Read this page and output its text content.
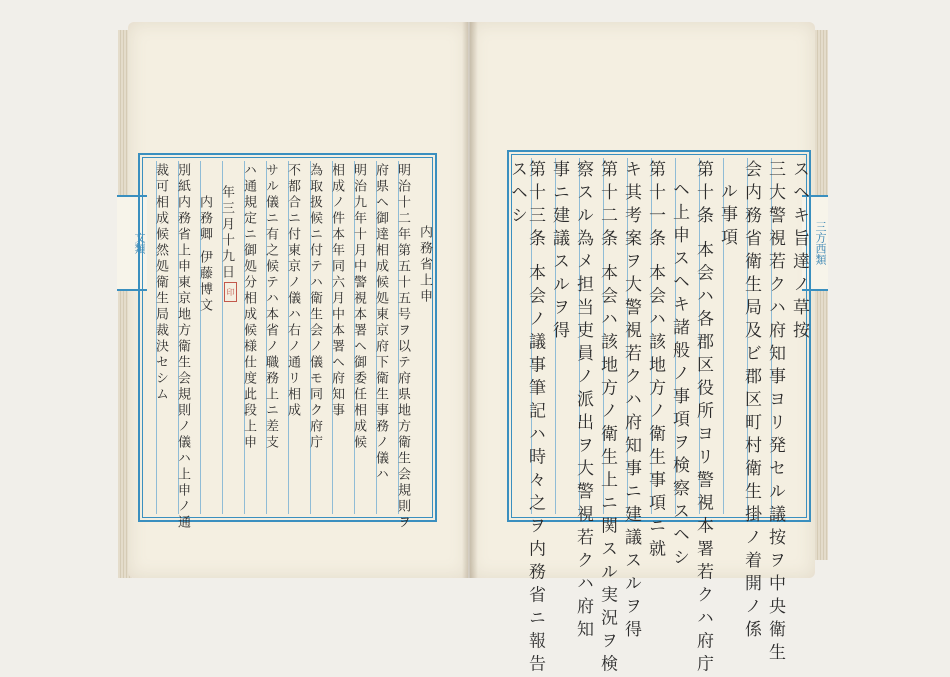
文類	三方西類
内務省上申
明治十二年第五十五号ヲ以テ府県地方衛生会規則ヲ
府県ヘ御達相成候処東京府下衛生事務ノ儀ハ
明治九年十月中警視本署ヘ御委任相成候
相成ノ件本年同六月中本署ヘ府知事
為取扱候ニ付テハ衛生会ノ儀モ同ク府庁
不都合ニ付東京ノ儀ハ右ノ通リ相成
サル儀ニ有之候テハ本省ノ職務上ニ差支
ハ通規定ニ御処分相成候様仕度此段上申
年三月十九日
内務卿 伊藤博文
別紙内務省上申東京地方衛生会規則ノ儀ハ上申ノ通
裁可相成候然処衛生局裁決セシム	印	スヘキ旨達ノ草按
三大警視若クハ府知事ヨリ発セル議按ヲ中央衛生
会内務省衛生局及ビ郡区町村衛生掛ノ着開ノ係
ル事項
第十条 本会ハ各郡区役所ヨリ警視本署若クハ府庁
ヘ上申スヘキ諸般ノ事項ヲ検察スヘシ
第十一条 本会ハ該地方ノ衛生事項ニ就
キ其考案ヲ大警視若クハ府知事ニ建議スルヲ得
第十二条 本会ハ該地方ノ衛生上ニ関スル実況ヲ検
察スル為メ担当吏員ノ派出ヲ大警視若クハ府知
事ニ建議スルヲ得
第十三条 本会ノ議事筆記ハ時々之ヲ内務省ニ報告
スヘシ
